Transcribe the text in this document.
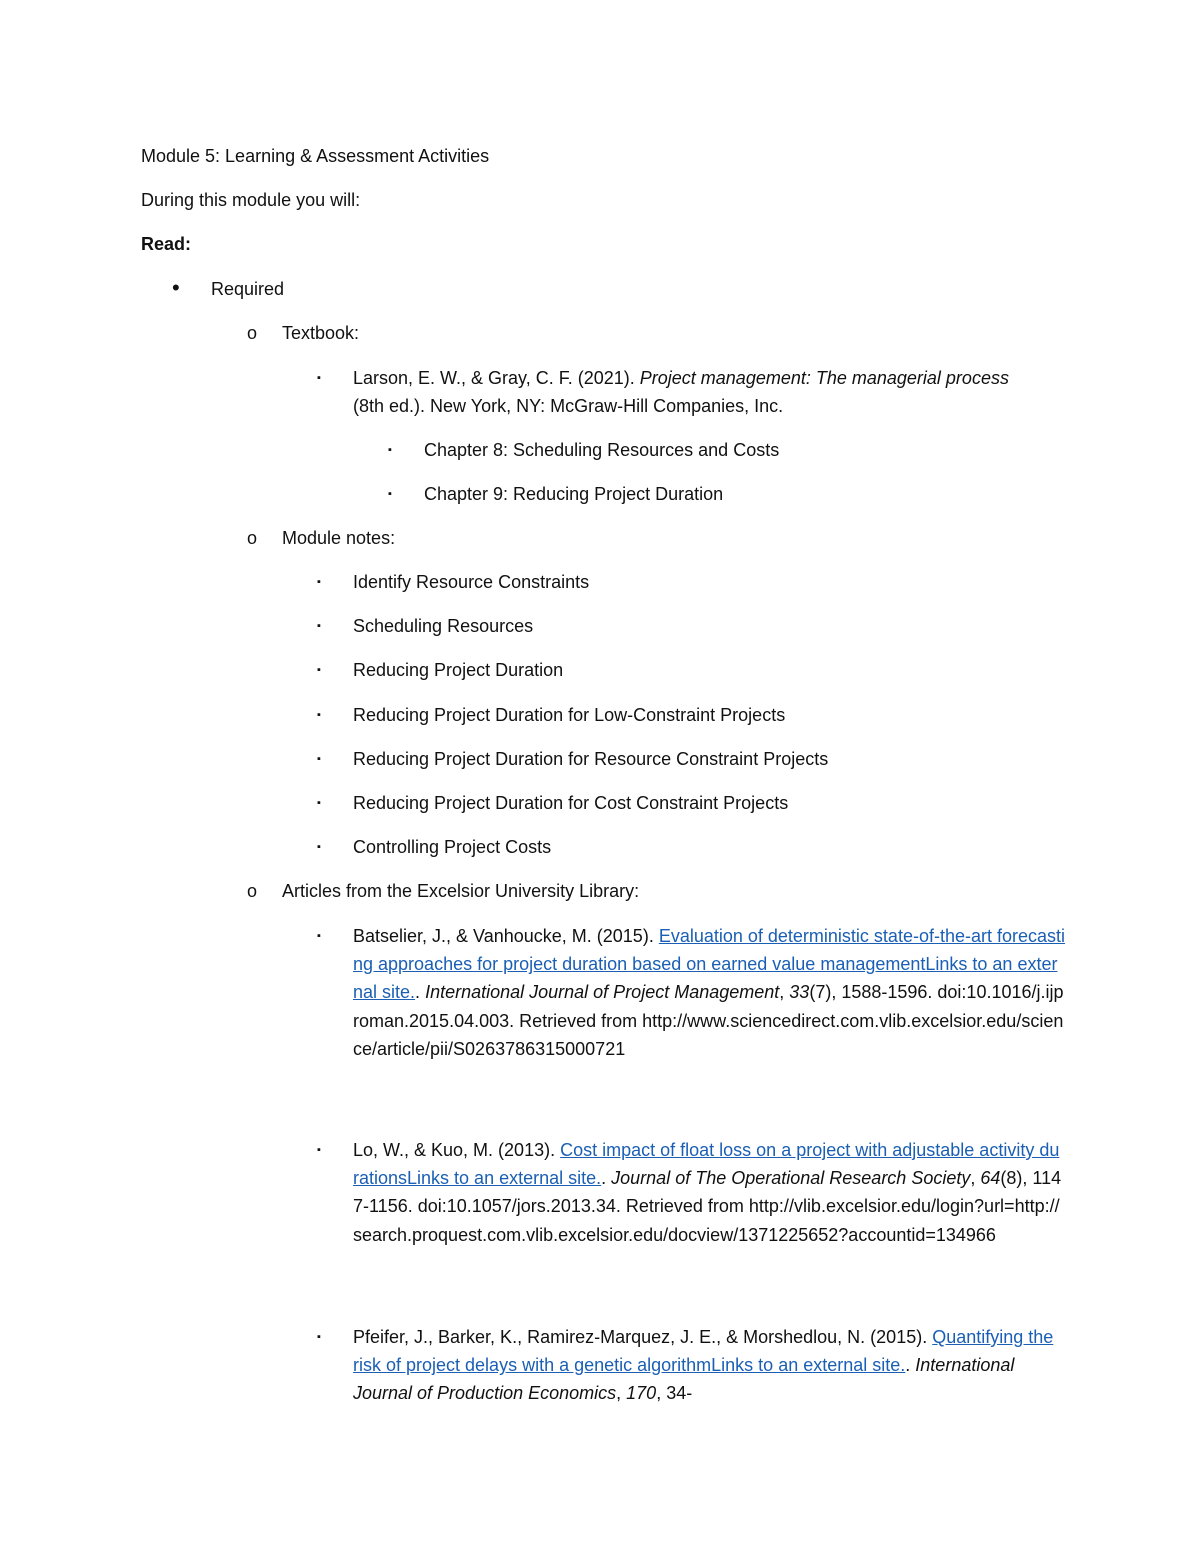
Module 5: Learning & Assessment Activities
During this module you will:
Read:
• Required
o Textbook:
▪ Larson, E. W., & Gray, C. F. (2021). Project management: The managerial process (8th ed.). New York, NY: McGraw-Hill Companies, Inc.
▪ Chapter 8: Scheduling Resources and Costs
▪ Chapter 9: Reducing Project Duration
o Module notes:
▪ Identify Resource Constraints
▪ Scheduling Resources
▪ Reducing Project Duration
▪ Reducing Project Duration for Low-Constraint Projects
▪ Reducing Project Duration for Resource Constraint Projects
▪ Reducing Project Duration for Cost Constraint Projects
▪ Controlling Project Costs
o Articles from the Excelsior University Library:
▪ Batselier, J., & Vanhoucke, M. (2015). Evaluation of deterministic state-of-the-art forecasting approaches for project duration based on earned value managementLinks to an external site.. International Journal of Project Management, 33(7), 1588-1596. doi:10.1016/j.ijproman.2015.04.003. Retrieved from http://www.sciencedirect.com.vlib.excelsior.edu/science/article/pii/S0263786315000721
▪ Lo, W., & Kuo, M. (2013). Cost impact of float loss on a project with adjustable activity durationsLinks to an external site.. Journal of The Operational Research Society, 64(8), 1147-1156. doi:10.1057/jors.2013.34. Retrieved from http://vlib.excelsior.edu/login?url=http://search.proquest.com.vlib.excelsior.edu/docview/1371225652?accountid=134966
▪ Pfeifer, J., Barker, K., Ramirez-Marquez, J. E., & Morshedlou, N. (2015). Quantifying the risk of project delays with a genetic algorithmLinks to an external site.. International Journal of Production Economics, 170, 34-
